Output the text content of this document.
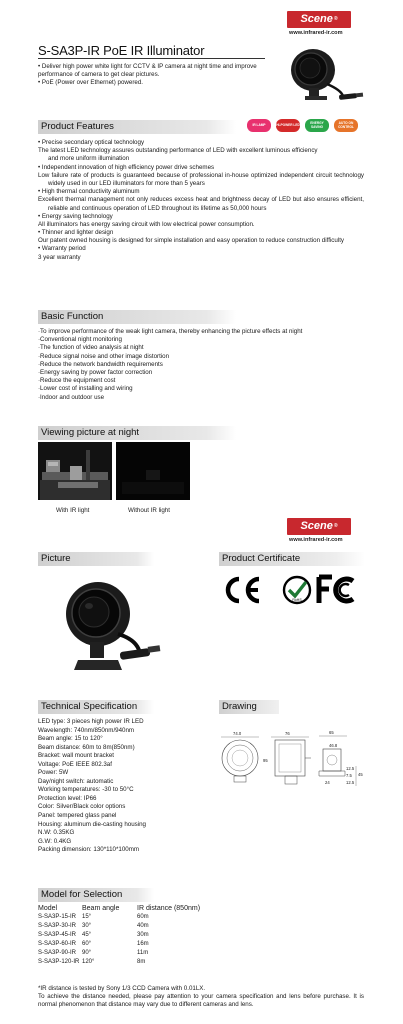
Scene ®
www.infrared-ir.com
S-SA3P-IR PoE IR Illuminator

• Deliver high power white light for CCTV & IP camera at night time and improve performance of camera to get clear pictures.

• PoE (Power over Ethernet) powered.

Product Features	IR LAMP	HI-POWER LED	ENERGY SAVING
AUTO ON CONTROL

• Precise secondary optical technology

The latest LED technology assures outstanding performance of LED with excellent luminous efficiency

and more uniform illumination

• Independent innovation of high efficiency power drive schemes

Low failure rate of products is guaranteed because of professional in-house optimized independent circuit technology widely used in our LED illuminators for more than 5 years

• High thermal conductivity aluminum

Excellent thermal management not only reduces excess heat and brightness decay of LED but also ensures efficient, reliable and continuous operation of LED throughout its lifetime as 50,000 hours

• Energy saving technology

All illuminators has energy saving circuit with low electrical power consumption.

• Thinner and lighter design

Our patent owned housing is designed for simple installation and easy operation to reduce construction difficulty

• Warranty period

3 year warranty

Basic Function

·To improve performance of the weak light camera, thereby enhancing the picture effects at night

·Conventional night monitoring

·The function of video analysis at night

·Reduce signal noise and other image distortion

·Reduce the network bandwidth requirements

·Energy saving by power factor correction

·Reduce the equipment cost

·Lower cost of installing and wiring

·Indoor and outdoor use

Viewing picture at night
With IR light	Without IR light
Scene ®
www.infrared-ir.com
Picture	Product Certificate
RoHS
Technical Specification	Drawing

LED type: 3 pieces high power IR LED

Wavelength: 740nm/850nm/940nm

Beam angle: 15 to 120°

Beam distance: 60m to 8m(850nm)

Bracket: wall mount bracket

Voltage: PoE IEEE 802.3af

Power: 5W

Day/night switch: automatic

Working temperatures: -30 to 50°C

Protection level: IP66

Color: Silver/Black color options

Panel: tempered glass panel

Housing: aluminum die-casting housing

N.W: 0.35KG

G.W: 0.4KG

Packing dimension: 130*110*100mm

74.0	76
95
65
46.8
12.5
7.5
24	12.5
45
Model for Selection
Model	Beam angle	IR distance (850nm)
S-SA3P-15-IR	15°	60m
S-SA3P-30-IR	30°	40m
S-SA3P-45-IR	45°	30m
S-SA3P-60-IR	60°	16m
S-SA3P-90-IR	90°	11m
S-SA3P-120-IR	120°	8m

*IR distance is tested by Sony 1/3 CCD Camera with 0.01LX.

To achieve the distance needed, please pay attention to your camera specification and lens before purchase. It is normal phenomenon that distance may vary due to different cameras and lens.
